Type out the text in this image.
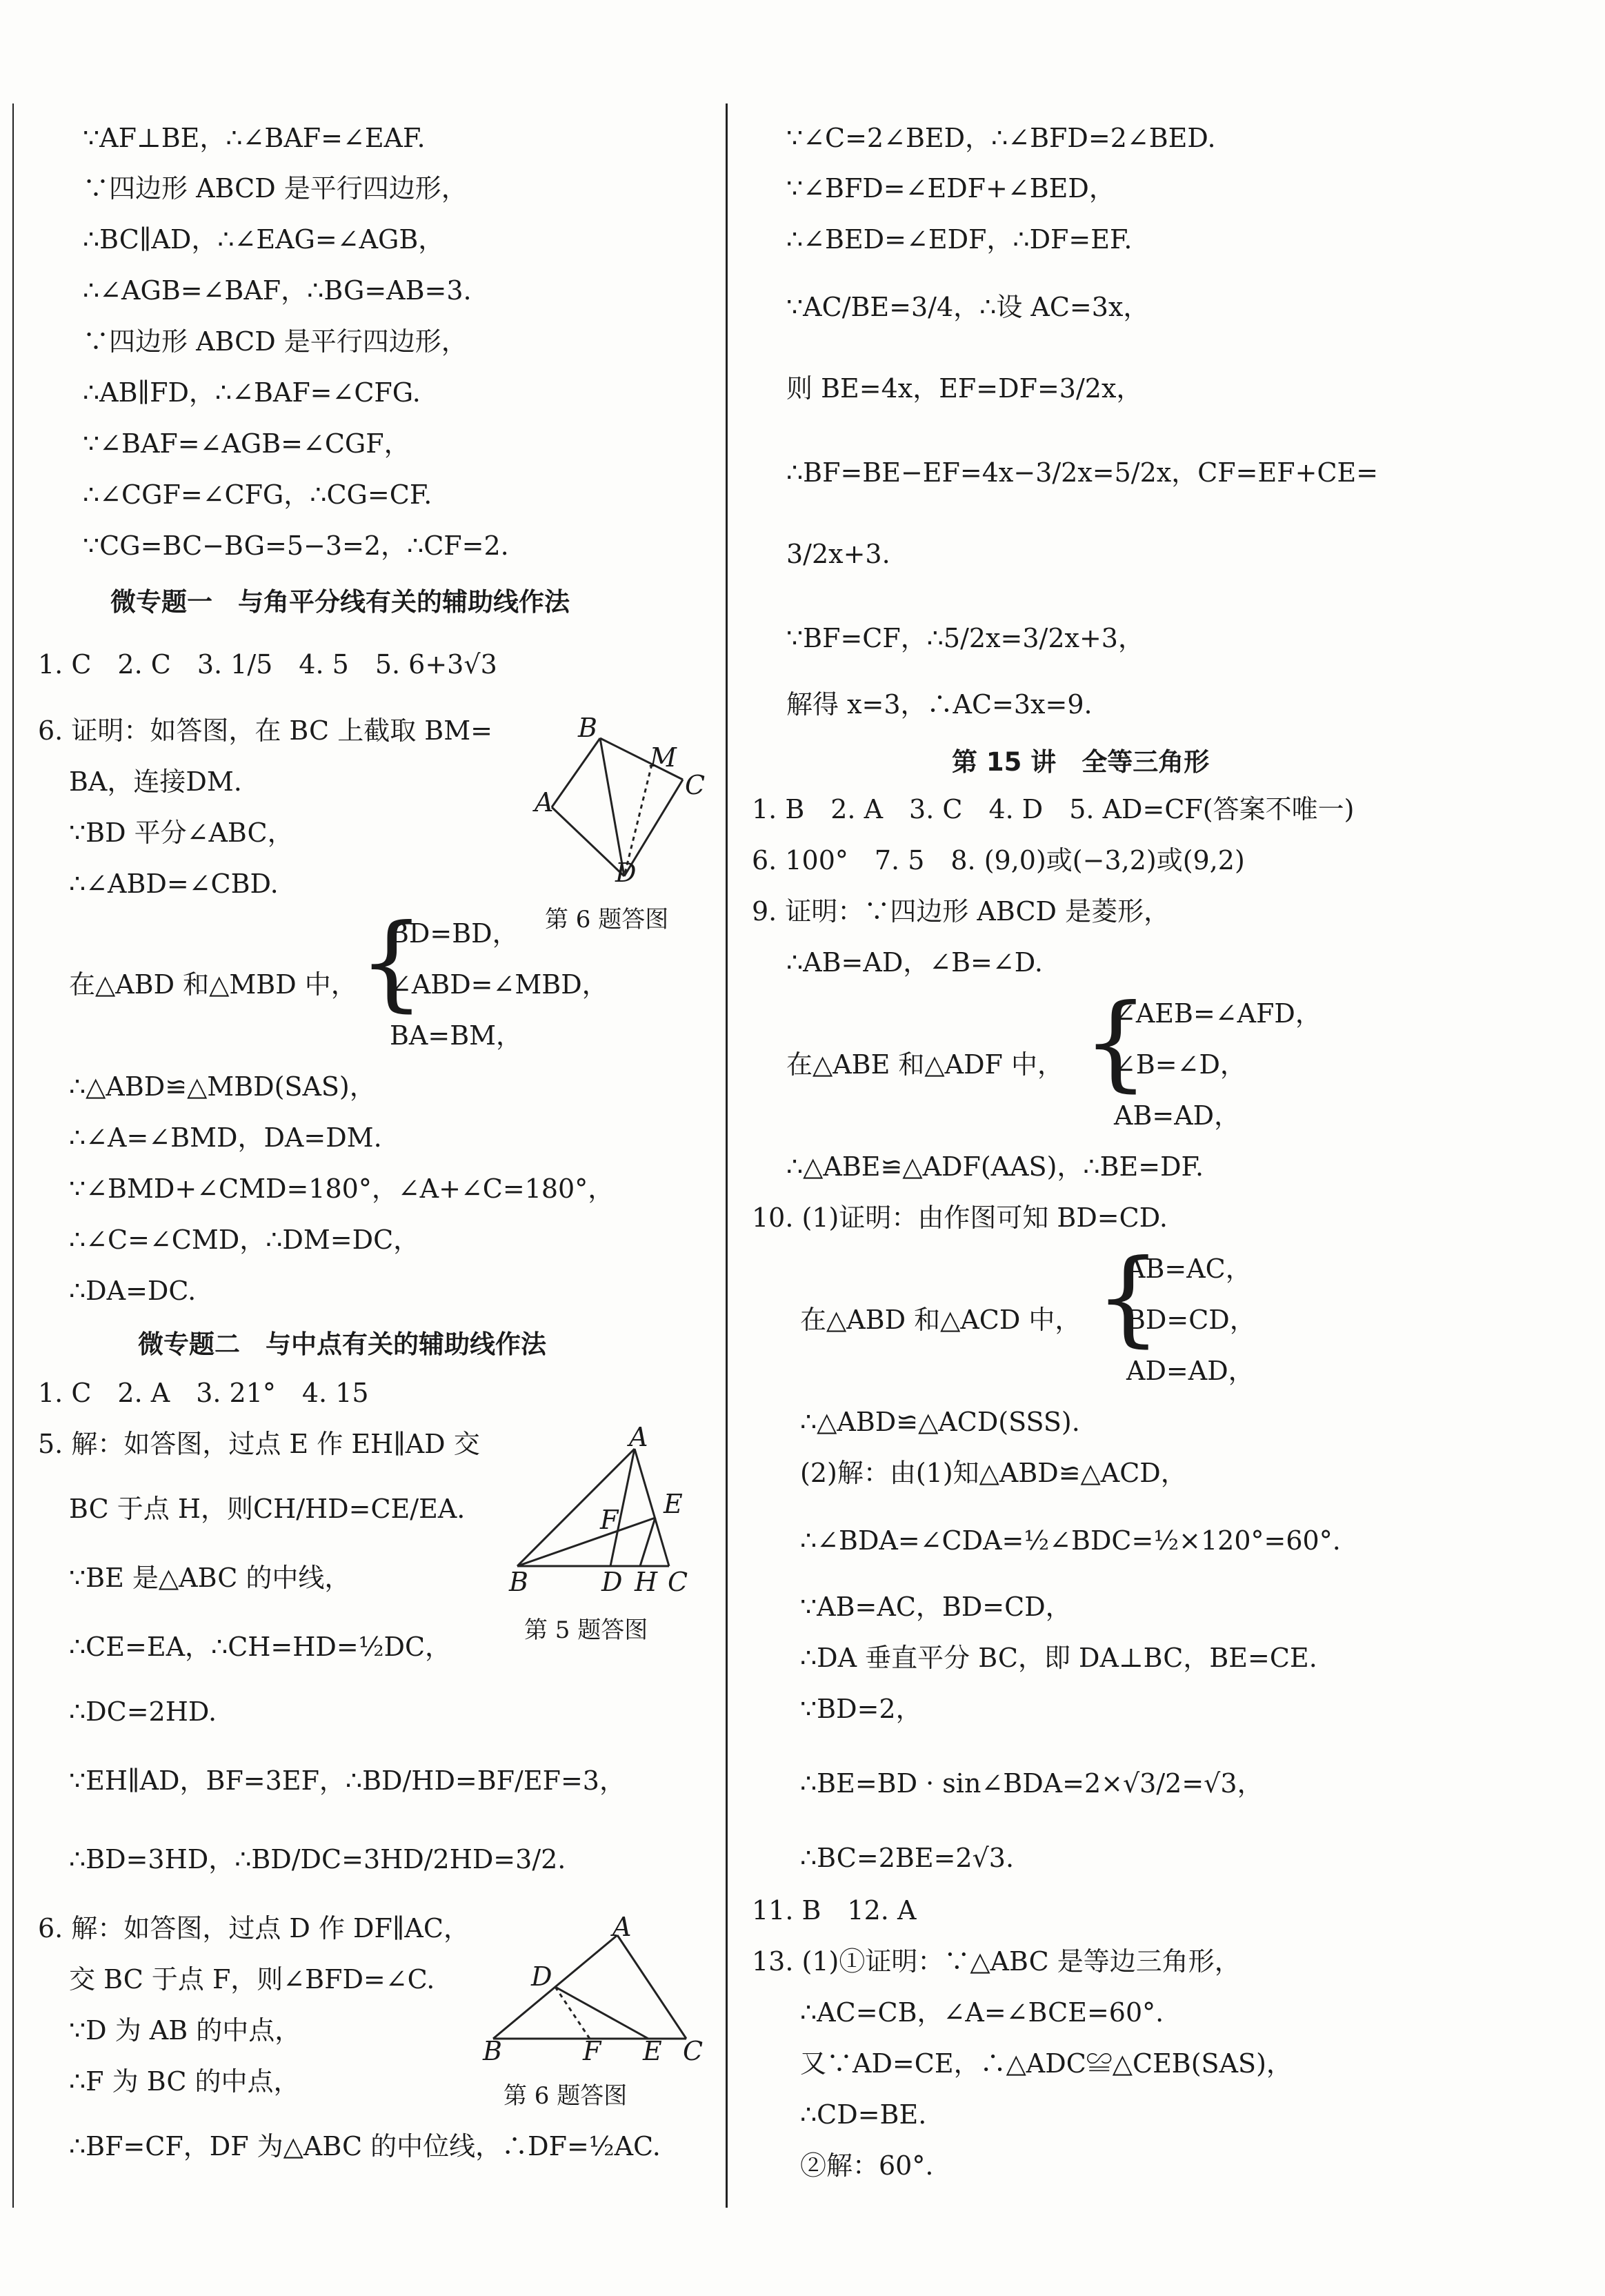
∵AF⊥BE，∴∠BAF=∠EAF.
∵四边形 ABCD 是平行四边形，
∴BC∥AD，∴∠EAG=∠AGB，
∴∠AGB=∠BAF，∴BG=AB=3.
∵四边形 ABCD 是平行四边形，
∴AB∥FD，∴∠BAF=∠CFG.
∵∠BAF=∠AGB=∠CGF，
∴∠CGF=∠CFG，∴CG=CF.
∵CG=BC−BG=5−3=2，∴CF=2.
微专题一　与角平分线有关的辅助线作法
1. C　2. C　3. 1/5　4. 5　5. 6+3√3
6. 证明：如答图，在 BC 上截取 BM=
BA，连接DM.
∵BD 平分∠ABC，
∴∠ABD=∠CBD.
B
M
C
A
D
第 6 题答图
在△ABD 和△MBD 中， {
BD=BD，
∠ABD=∠MBD，
BA=BM，
∴△ABD≌△MBD(SAS)，
∴∠A=∠BMD，DA=DM.
∵∠BMD+∠CMD=180°，∠A+∠C=180°，
∴∠C=∠CMD，∴DM=DC，
∴DA=DC.
微专题二　与中点有关的辅助线作法
1. C　2. A　3. 21°　4. 15
5. 解：如答图，过点 E 作 EH∥AD 交
BC 于点 H，则CH/HD=CE/EA.
∵BE 是△ABC 的中线，
∴CE=EA，∴CH=HD=½DC，
∴DC=2HD.
∵EH∥AD，BF=3EF，∴BD/HD=BF/EF=3，
∴BD=3HD，∴BD/DC=3HD/2HD=3/2.
A
E
F
B	D H C
第 5 题答图
6. 解：如答图，过点 D 作 DF∥AC，
交 BC 于点 F，则∠BFD=∠C.
∵D 为 AB 的中点，
∴F 为 BC 的中点，
∴BF=CF，DF 为△ABC 的中位线，∴DF=½AC.
A
D
B	F E C
第 6 题答图
∵∠C=2∠BED，∴∠BFD=2∠BED.
∵∠BFD=∠EDF+∠BED，
∴∠BED=∠EDF，∴DF=EF.
∵AC/BE=3/4，∴设 AC=3x，
则 BE=4x，EF=DF=3/2x，
∴BF=BE−EF=4x−3/2x=5/2x，CF=EF+CE=
3/2x+3.
∵BF=CF，∴5/2x=3/2x+3，
解得 x=3，∴AC=3x=9.
第 15 讲　全等三角形
1. B　2. A　3. C　4. D　5. AD=CF(答案不唯一)
6. 100°　7. 5　8. (9,0)或(−3,2)或(9,2)
9. 证明：∵四边形 ABCD 是菱形，
∴AB=AD，∠B=∠D.
在△ABE 和△ADF 中， {
∠AEB=∠AFD，
∠B=∠D，
AB=AD，
∴△ABE≌△ADF(AAS)，∴BE=DF.
10. (1)证明：由作图可知 BD=CD.
在△ABD 和△ACD 中， {
AB=AC，
BD=CD，
AD=AD，
∴△ABD≌△ACD(SSS).
(2)解：由(1)知△ABD≌△ACD，
∴∠BDA=∠CDA=½∠BDC=½×120°=60°.
∵AB=AC，BD=CD，
∴DA 垂直平分 BC，即 DA⊥BC，BE=CE.
∵BD=2，
∴BE=BD · sin∠BDA=2×√3/2=√3，
∴BC=2BE=2√3.
11. B　12. A
13. (1)①证明：∵△ABC 是等边三角形，
∴AC=CB，∠A=∠BCE=60°.
又∵AD=CE，∴△ADC≌△CEB(SAS)，
∴CD=BE.
②解：60°.
